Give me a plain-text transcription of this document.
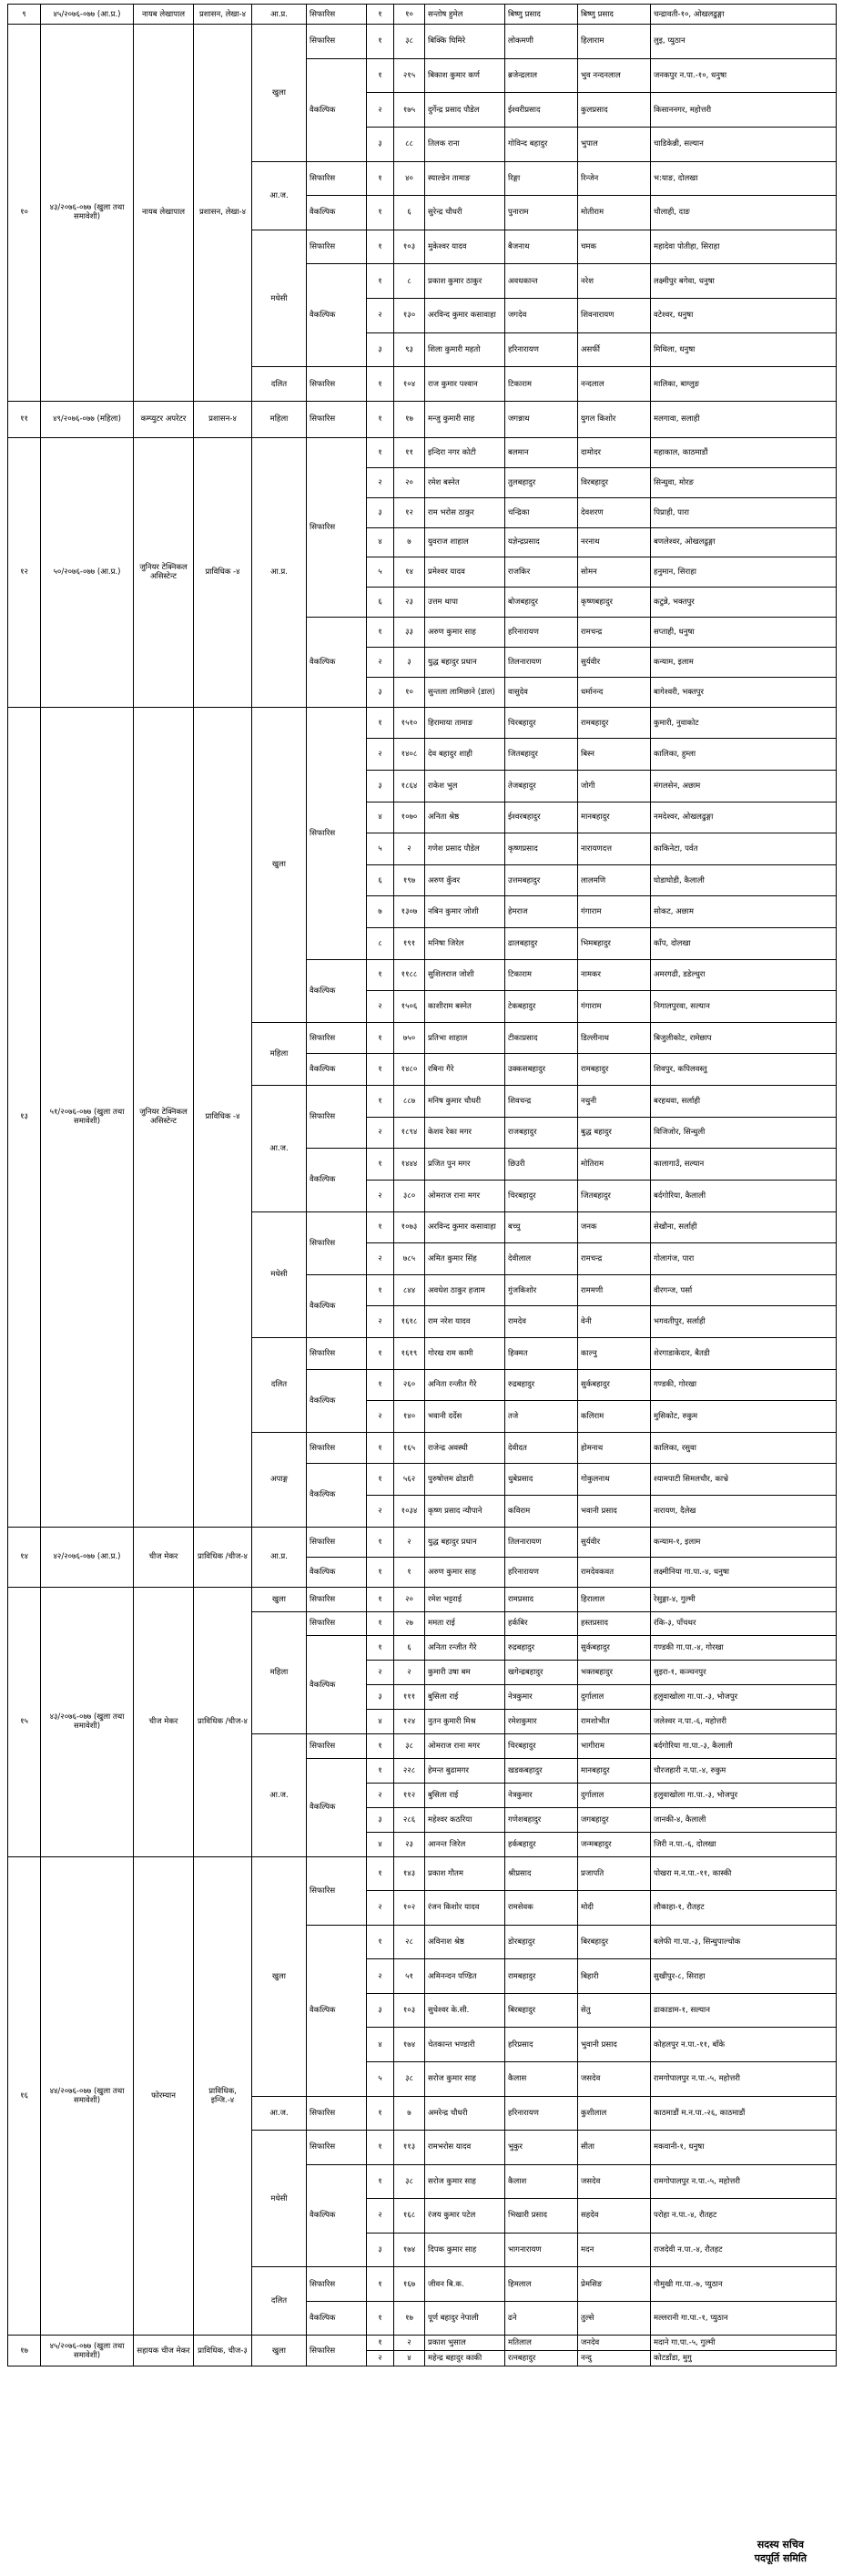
९	४५/२०७६-०७७ (आ.प्र.)	नायब लेखापाल	प्रशासन, लेखा-४	आ.प्र.	सिफारिस	१	१०	सन्तोष हुमेल	बिष्णु प्रसाद	बिष्णु प्रसाद	चन्द्रावती-१०, ओखलढुङ्गा
१०	४३/२०७६-०७७ (खुला तथा समावेशी)	नायब लेखापाल	प्रशासन, लेखा-४	खुला	सिफारिस	१	३८	बिक्कि घिमिरे	लोकमणी	हिलाराम	लुइ, प्युठान
					वैकल्पिक	१	२१५	बिकाश कुमार कर्ण	ब्रजेन्द्रलाल	भुव नन्दनलाल	जनकपुर न.पा.-१०, धनुषा
						२	१७५	दुर्गेन्द्र प्रसाद पौडेल	ईश्वरीप्रसाद	कुलप्रसाद	किसाननगर, महोत्तरी
						३	८८	तिलक राना	गोविन्द बहादुर	भुपाल	चाडिकेन्नी, सल्यान
				आ.ज.	सिफारिस	१	४०	स्याल्डेन तामाङ	रिङ्गा	रिन्जेन	भ:याङ, दोलखा
					वैकल्पिक	१	६	सुरेन्द्र चौधरी	पुनाराम	मोतीराम	चौलाही, दाङ
				मधेसी	सिफारिस	१	१०३	मुकेश्वर यादव	बैजनाथ	चमक	महादेवा पोतीहा, सिराहा
					वैकल्पिक	१	८	प्रकाश कुमार ठाकुर	अवधकान्त	नरेश	लक्ष्मीपुर बगेवा, धनुषा
						२	१३०	अरविन्द कुमार कसावाहा	जगदेव	शिवनारायण	वटेश्वर, धनुषा
						३	९३	शिला कुमारी महतो	हरिनारायण	असर्फी	मिथिला, धनुषा
				दलित	सिफारिस	१	१०४	राज कुमार पश्वान	टिकाराम	नन्दलाल	मालिका, बाग्लुङ
११	४९/२०७६-०७७ (महिला)	कम्प्युटर अपरेटर	प्रशासन-४	महिला	सिफारिस	१	१७	मन्जु कुमारी साह	जगन्नाथ	युगल किशोर	मलगावा, सलाही
१२	५०/२०७६-०७७ (आ.प्र.)	जुनियर टेक्निकल असिस्टेन्ट	प्राविधिक -४	आ.प्र.	सिफारिस	१	११	इन्दिरा नगर कोटी	बलमान	दामोदर	महाकाल, काठमाडौं
						२	२०	रमेश बस्नेत	तुलबहादुर	विरबहादुर	सिन्धुवा, मोरङ
						३	१२	राम भरोस ठाकुर	चन्द्रिका	देवशरण	पिप्राही, पारा
						४	७	युवराज शाहाल	यज्ञेन्द्रप्रसाद	नरनाथ	बणलेश्वर, ओखलढुङ्गा
						५	१४	प्रमेश्वर यादव	राजकिर	सोमन	हनुमान, सिराहा
						६	२३	उत्तम थापा	बोजबहादुर	कृष्णबहादुर	कटुन्ने, भक्तपुर
					वैकल्पिक	१	३३	अरुण कुमार साह	हरिनारायण	रामचन्द्र	सप्ताही, धनुषा
						२	३	युद्ध बहादुर प्रधान	तिलनारायण	सुर्यवीर	कन्याम, इलाम
						३	१०	सुन्तला लामिछाने (डाल)	वासुदेव	धर्मानन्द	बागेश्वरी, भक्तपुर
१३	५१/२०७६-०७७ (खुला तथा समावेशी)	जुनियर टेक्निकल असिस्टेन्ट	प्राविधिक -४	खुला	सिफारिस	१	१५१०	हिरामाया तामाङ	चिरबहादुर	रामबहादुर	कुमारी, नुवाकोट
						२	१४०८	देव बहादुर शाही	जितबहादुर	बिस्न	कालिका, हुम्ला
						३	१८६४	राकेश भुल	तेजबहादुर	जोगी	मंगलसेन, अछाम
						४	१०७०	अनिता श्रेष्ठ	ईश्वरबहादुर	मानबहादुर	नमदेश्वर, ओखलढुङ्गा
						५	२	गणेश प्रसाद पौडेल	कृष्णप्रसाद	नारायणदत्त	काकिनेटा, पर्वत
						६	१९७	अरुण कुँवर	उत्तमबहादुर	लालमणि	घोडाघोडी, कैलाली
						७	१३०७	नबिन कुमार जोशी	हेमराज	गंगाराम	सोकट, अछाम
						८	१९१	मनिषा जिरेल	ढालबहादुर	भिमबहादुर	काँप, दोलखा
					वैकल्पिक	१	११८८	सुशिलराज जोशी	टिकाराम	नामकर	अमरगढी, डडेल्धुरा
						२	१५०६	काशीराम बस्नेत	टेकबहादुर	गंगाराम	निगालपुरवा, सल्यान
				महिला	सिफारिस	१	७५०	प्रतिभा शाहाल	टीकाप्रसाद	डिल्लीनाथ	बिजुलीकोट, रामेछाप
					वैकल्पिक	१	१४८०	रबिना गैरे	उक्कसबहादुर	रामबहादुर	शिवपुर, कपिलवस्तु
				आ.ज.	सिफारिस	१	८८७	मनिष कुमार चौधरी	शिवचन्द्र	नथुनी	बरहथवा, सर्लाही
						२	१८९४	केशव रेका मगर	राजबहादुर	बुद्ध बहादुर	विजिजोर, सिन्धुली
					वैकल्पिक	१	१४४४	प्रजित पुन मगर	छिउरी	मोतिराम	कालागाउँ, सल्यान
						२	३८०	ओमराज राना मगर	चिरबहादुर	जितबहादुर	बर्दगोरिया, कैलाली
				मधेसी	सिफारिस	१	१०७३	अरविन्द कुमार कसावाहा	बच्चु	जनक	सेखौना, सर्लाही
						२	७८५	अमित कुमार सिंह	देवीलाल	रामचन्द्र	गोलागंज, पारा
					वैकल्पिक	१	८४४	अवधेश ठाकुर हजाम	गुंजकिशोर	राममणी	वीरगन्ज, पर्सा
						२	१६१८	राम नरेश यादव	रामदेव	वेनी	भगवतीपुर, सर्लाही
				दलित	सिफारिस	१	१६१९	गोरख राम कामी	हिक्मत	काल्नु	शेरगाडाकेदार, बैतडी
					वैकल्पिक	१	२६०	अनिता रन्जीत गैरे	रुद्रबहादुर	सुर्कबहादुर	गण्डकी, गोरखा
						२	१४०	भवानी दर्देस	तजे	कलिराम	मुसिकोट, रुकुम
				अपाङ्ग	सिफारिस	१	१६५	राजेन्द्र अवस्थी	देवीदत	होमनाथ	कालिका, रसुवा
					वैकल्पिक	१	५६२	पुरुषोत्तम ढोडारी	धुबेप्रसाद	गोकुलनाथ	श्यामपाटी सिमलचौर, काभ्रे
						२	१०३४	कृष्ण प्रसाद न्यौपाने	कविराम	भवानी प्रसाद	नारायण, दैलेख
१४	४२/२०७६-०७७ (आ.प्र.)	चीज मेकर	प्राविधिक /चीज-४	आ.प्र.	सिफारिस	१	२	युद्ध बहादुर प्रधान	तिलनारायण	सुर्यवीर	कन्याम-१, इलाम
					वैकल्पिक	१	१	अरुण कुमार साह	हरिनारायण	रामदेवकवत	लक्ष्मीनिया गा.पा.-४, धनुषा
१५	४३/२०७६-०७७ (खुला तथा समावेशी)	चीज मेकर	प्राविधिक /चीज-४	खुला	सिफारिस	१	२०	रमेश भट्टराई	रामप्रसाद	हिरालाल	रेसुङ्गा-४, गुल्मी
				महिला	सिफारिस	१	२७	ममता राई	हर्कबिर	हस्तप्रसाद	रंकि-३, पाँचथर
					वैकल्पिक	१	६	अनिता रन्जीत गैरे	रुद्रबहादुर	सुर्कबहादुर	गण्डकी गा.पा.-४, गोरखा
						२	२	कुमारी उषा बम	खगेन्द्रबहादुर	भक्तबहादुर	सुइरा-१, कञ्चनपुर
						३	१११	बुसिला राई	नेत्रकुमार	दुर्गालाल	हलुवाखोला गा.पा.-३, भोजपुर
						४	१२४	नुतन कुमारी मिश्र	रमेशकुमार	रामशोभीत	जलेश्वर न.पा.-६, महोत्तरी
				आ.ज.	सिफारिस	१	३८	ओमराज राना मगर	चिरबहादुर	भागीराम	बर्दगोरिया गा.पा.-३, कैलाली
					वैकल्पिक	१	२२८	हेमन्त बुढामगर	खडकबहादुर	मानबहादुर	चौरजहारी न.पा.-४, रुकुम
						२	११२	बुसिला राई	नेत्रकुमार	दुर्गालाल	हलुवाखोला गा.पा.-३, भोजपुर
						३	२८६	महेश्वर कठरिया	गणेशबहादुर	जगबहादुर	जानकी-४, कैलाली
						४	२३	आनन्त जिरेल	हर्कबहादुर	जन्मबहादुर	जिरी न.पा.-६, दोलखा
१६	४४/२०७६-०७७ (खुला तथा समावेशी)	फोरम्यान	प्राविधिक, इन्जि.-४	खुला	सिफारिस	१	१४३	प्रकाश गौतम	श्रीप्रसाद	प्रजापति	पोखरा म.न.पा.-११, कास्की
						२	१०२	रंजन किशोर यादव	रामसेवक	मोदी	लौकाहा-१, रौतहट
					वैकल्पिक	१	२८	अविनाश श्रेष्ठ	डोरबहादुर	बिरबहादुर	बलेफी गा.पा.-३, सिन्धुपाल्चोक
						२	५१	अमिनन्दन पण्डित	रामबहादुर	बिहारी	सुखीपुर-८, सिराहा
						३	१०३	सुधेश्वर के.सी.	बिरबहादुर	सेतु	ढाकाडाम-१, सल्यान
						४	१७४	चेतकान्त भण्डारी	हरिप्रसाद	भुवानी प्रसाद	कोहलपुर न.पा.-११, बाँके
						५	३८	सरोज कुमार साह	कैलास	जसदेव	रामगोपालपुर न.पा.-५, महोत्तरी
				आ.ज.	सिफारिस	१	७	अमरेन्द्र चौधरी	हरिनारायण	कुशीलाल	काठमाडौं म.न.पा.-२६, काठमाडौं
				मधेसी	सिफारिस	१	११३	रामभरोस यादव	भुकुर	सीता	मकवानी-१, धनुषा
					वैकल्पिक	१	३८	सरोज कुमार साह	कैलाश	जसदेव	रामगोपालपुर न.पा.-५, महोत्तरी
						२	१६८	रंजय कुमार पटेल	भिखारी प्रसाद	सहदेव	परोहा न.पा.-४, रौतहट
						३	१७४	दिपक कुमार साह	भागनारायण	मदन	राजदेवी न.पा.-४, रौतहट
				दलित	सिफारिस	१	१६७	जीवन बि.क.	हिमलाल	प्रेमसिङ	गौमुखी गा.पा.-७, प्युठान
					वैकल्पिक	१	१७	पूर्ण बहादुर नेपाली	ढने	तुल्से	मल्लरानी गा.पा.-१, प्युठान
१७	४५/२०७६-०७७ (खुला तथा समावेशी)	सहायक चीज मेकर	प्राविधिक, चीज-३	खुला	सिफारिस	१	२	प्रकाश भुसाल	मतिलाल	जनदेव	मदाने गा.पा.-५, गुल्मी
						२	४	महेन्द्र बहादुर काकी	रत्नबहादुर	नन्दु	कोटडाँडा, मुगु
सदस्य सचिव
पदपूर्ति समिति
